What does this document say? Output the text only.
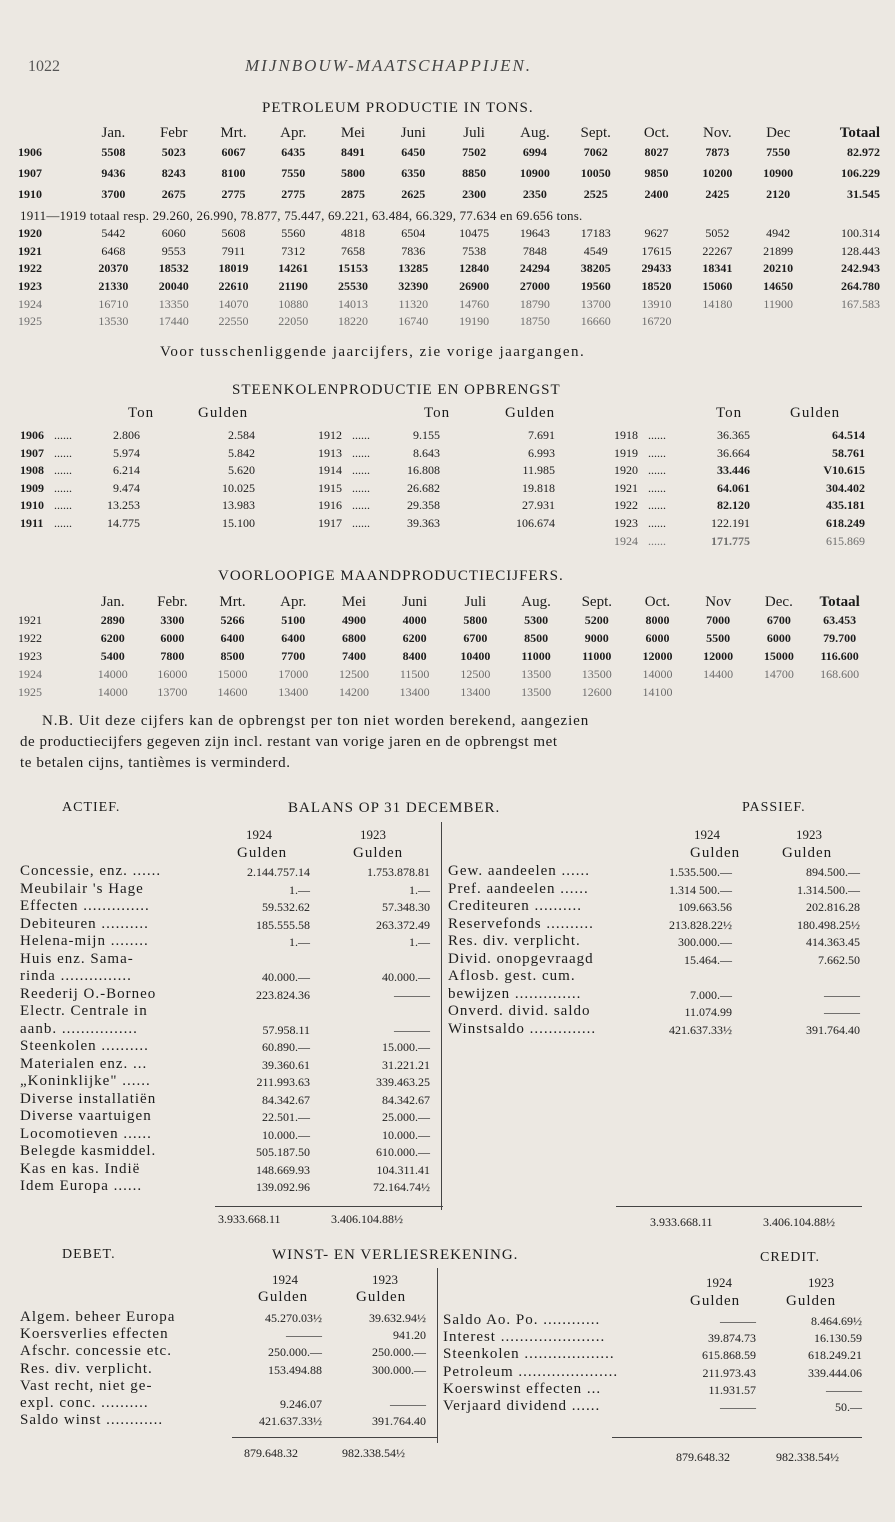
1022	MIJNBOUW-MAATSCHAPPIJEN.
PETROLEUM PRODUCTIE IN TONS.
	Jan.	Febr	Mrt.	Apr.	Mei	Juni	Juli	Aug.	Sept.	Oct.	Nov.	Dec	Totaal
1906	5508	5023	6067	6435	8491	6450	7502	6994	7062	8027	7873	7550	82.972
1907	9436	8243	8100	7550	5800	6350	8850	10900	10050	9850	10200	10900	106.229
1910	3700	2675	2775	2775	2875	2625	2300	2350	2525	2400	2425	2120	31.545
1911—1919 totaal resp. 29.260, 26.990, 78.877, 75.447, 69.221, 63.484, 66.329, 77.634 en 69.656 tons.

1920	5442	6060	5608	5560	4818	6504	10475	19643	17183	9627	5052	4942	100.314
1921	6468	9553	7911	7312	7658	7836	7538	7848	4549	17615	22267	21899	128.443
1922	20370	18532	18019	14261	15153	13285	12840	24294	38205	29433	18341	20210	242.943
1923	21330	20040	22610	21190	25530	32390	26900	27000	19560	18520	15060	14650	264.780
1924	16710	13350	14070	10880	14013	11320	14760	18790	13700	13910	14180	11900	167.583
1925	13530	17440	22550	22050	18220	16740	19190	18750	16660	16720			
Voor tusschenliggende jaarcijfers, zie vorige jaargangen.
STEENKOLENPRODUCTIE EN OPBRENGST
Ton	Gulden	Ton	Gulden	Ton	Gulden
1906 ......	2.806	2.584
1907 ......	5.974	5.842
1908 ......	6.214	5.620
1909 ......	9.474	10.025
1910 ......	13.253	13.983
1911 ......	14.775	15.100
1912 ......	9.155	7.691
1913 ......	8.643	6.993
1914 ......	16.808	11.985
1915 ......	26.682	19.818
1916 ......	29.358	27.931
1917 ......	39.363	106.674
1918 ......	36.365	64.514
1919 ......	36.664	58.761
1920 ......	33.446	V10.615
1921 ......	64.061	304.402
1922 ......	82.120	435.181
1923 ......	122.191	618.249
1924 ......	171.775	615.869
VOORLOOPIGE MAANDPRODUCTIECIJFERS.
	Jan.	Febr.	Mrt.	Apr.	Mei	Juni	Juli	Aug.	Sept.	Oct.	Nov	Dec.	Totaal
1921	2890	3300	5266	5100	4900	4000	5800	5300	5200	8000	7000	6700	63.453
1922	6200	6000	6400	6400	6800	6200	6700	8500	9000	6000	5500	6000	79.700
1923	5400	7800	8500	7700	7400	8400	10400	11000	11000	12000	12000	15000	116.600
1924	14000	16000	15000	17000	12500	11500	12500	13500	13500	14000	14400	14700	168.600
1925	14000	13700	14600	13400	14200	13400	13400	13500	12600	14100			
N.B. Uit deze cijfers kan de opbrengst per ton niet worden berekend, aangezien
de productiecijfers gegeven zijn incl. restant van vorige jaren en de opbrengst met
te betalen cijns, tantièmes is verminderd.
ACTIEF.	BALANS OP 31 DECEMBER.	PASSIEF.
1924	1923
Gulden	Gulden
1924	1923
Gulden	Gulden
Concessie, enz. ......	2.144.757.14	1.753.878.81
Meubilair 's Hage	1.—	1.—
Effecten ..............	59.532.62	57.348.30
Debiteuren ..........	185.555.58	263.372.49
Helena-mijn ........	1.—	1.—
Huis enz. Sama-
rinda ...............	40.000.—	40.000.—
Reederij O.-Borneo	223.824.36	———
Electr. Centrale in
aanb. ................	57.958.11	———
Steenkolen ..........	60.890.—	15.000.—
Materialen enz. ...	39.360.61	31.221.21
„Koninklijke" ......	211.993.63	339.463.25
Diverse installatiën	84.342.67	84.342.67
Diverse vaartuigen	22.501.—	25.000.—
Locomotieven ......	10.000.—	10.000.—
Belegde kasmiddel.	505.187.50	610.000.—
Kas en kas. Indië	148.669.93	104.311.41
Idem Europa ......	139.092.96	72.164.74½
Gew. aandeelen ......	1.535.500.—	894.500.—
Pref. aandeelen ......	1.314 500.—	1.314.500.—
Crediteuren ..........	109.663.56	202.816.28
Reservefonds ..........	213.828.22½	180.498.25½
Res. div. verplicht.	300.000.—	414.363.45
Divid. onopgevraagd	15.464.—	7.662.50
Aflosb. gest. cum.
bewijzen ..............	7.000.—	———
Onverd. divid. saldo	11.074.99	———
Winstsaldo ..............	421.637.33½	391.764.40
3.933.668.11	3.406.104.88½	3.933.668.11	3.406.104.88½
DEBET.	WINST- EN VERLIESREKENING.	CREDIT.
1924	1923
Gulden	Gulden
1924	1923
Gulden	Gulden
Algem. beheer Europa	45.270.03½	39.632.94½
Koersverlies effecten	———	941.20
Afschr. concessie etc.	250.000.—	250.000.—
Res. div. verplicht.	153.494.88	300.000.—
Vast recht, niet ge-
expl. conc. ..........	9.246.07	———
Saldo winst ............	421.637.33½	391.764.40
Saldo Ao. Po. ............	———	8.464.69½
Interest ......................	39.874.73	16.130.59
Steenkolen ...................	615.868.59	618.249.21
Petroleum .....................	211.973.43	339.444.06
Koerswinst effecten ...	11.931.57	———
Verjaard dividend ......	———	50.—
879.648.32	982.338.54½	879.648.32	982.338.54½
